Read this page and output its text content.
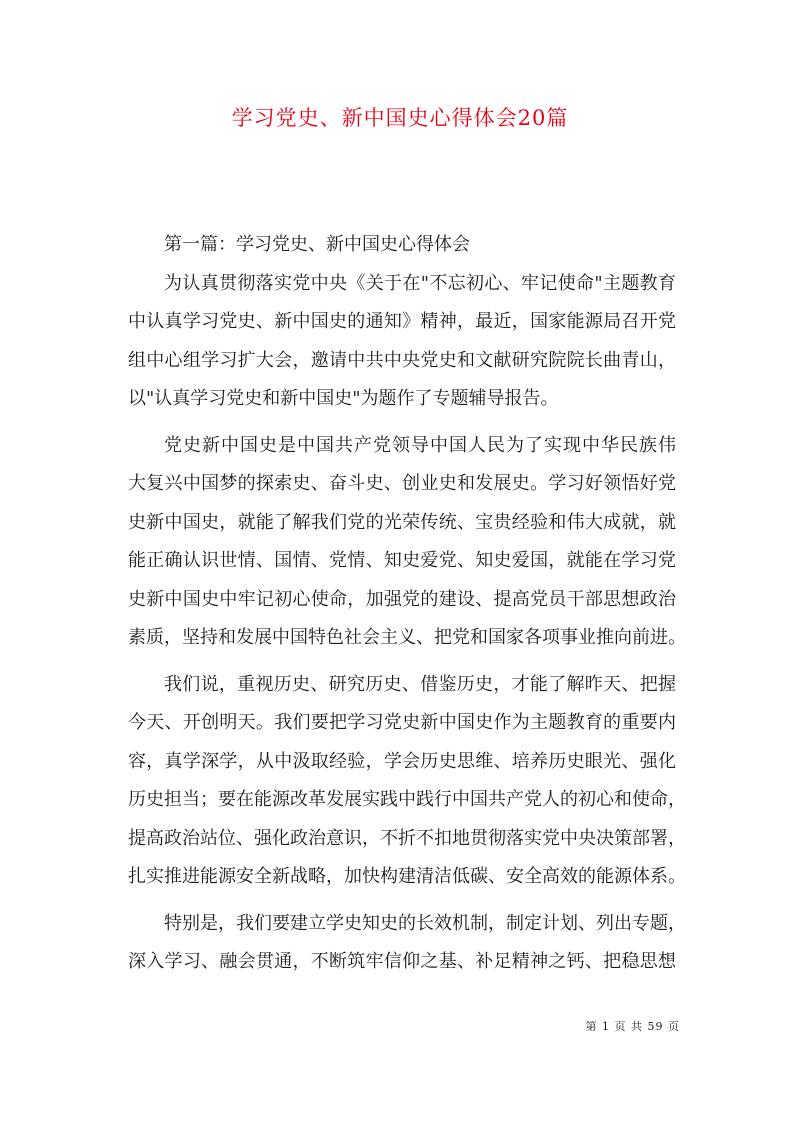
学习党史、新中国史心得体会20篇
第一篇：学习党史、新中国史心得体会
为认真贯彻落实党中央《关于在"不忘初心、牢记使命"主题教育
中认真学习党史、新中国史的通知》精神，最近，国家能源局召开党
组中心组学习扩大会，邀请中共中央党史和文献研究院院长曲青山，
以"认真学习党史和新中国史"为题作了专题辅导报告。
党史新中国史是中国共产党领导中国人民为了实现中华民族伟
大复兴中国梦的探索史、奋斗史、创业史和发展史。学习好领悟好党
史新中国史，就能了解我们党的光荣传统、宝贵经验和伟大成就，就
能正确认识世情、国情、党情、知史爱党、知史爱国，就能在学习党
史新中国史中牢记初心使命，加强党的建设、提高党员干部思想政治
素质，坚持和发展中国特色社会主义、把党和国家各项事业推向前进。
我们说，重视历史、研究历史、借鉴历史，才能了解昨天、把握
今天、开创明天。我们要把学习党史新中国史作为主题教育的重要内
容，真学深学，从中汲取经验，学会历史思维、培养历史眼光、强化
历史担当；要在能源改革发展实践中践行中国共产党人的初心和使命，
提高政治站位、强化政治意识，不折不扣地贯彻落实党中央决策部署，
扎实推进能源安全新战略，加快构建清洁低碳、安全高效的能源体系。
特别是，我们要建立学史知史的长效机制，制定计划、列出专题，
深入学习、融会贯通，不断筑牢信仰之基、补足精神之钙、把稳思想
第 1 页 共 59 页
